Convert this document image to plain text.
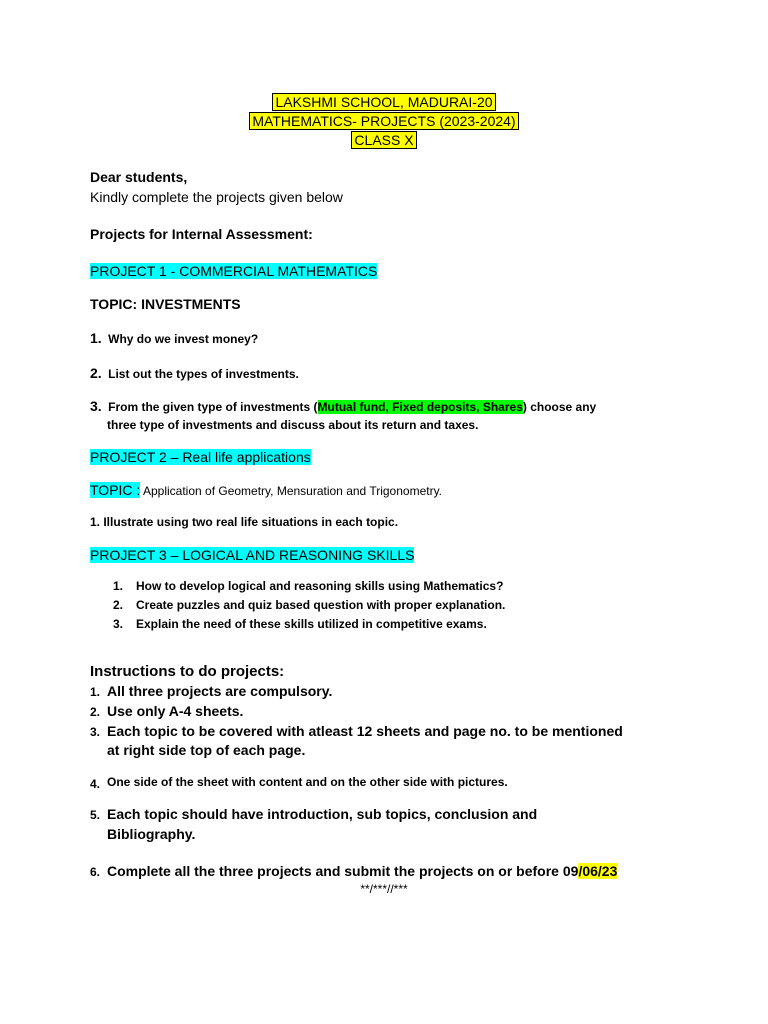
LAKSHMI SCHOOL, MADURAI-20
MATHEMATICS- PROJECTS (2023-2024)
CLASS X
Dear students,
Kindly complete the projects given below
Projects for Internal Assessment:
PROJECT 1 - COMMERCIAL MATHEMATICS
TOPIC: INVESTMENTS
1. Why do we invest money?
2. List out the types of investments.
3. From the given type of investments (Mutual fund, Fixed deposits, Shares) choose any
three type of investments and discuss about its return and taxes.
PROJECT 2 – Real life applications
TOPIC : Application of Geometry, Mensuration and Trigonometry.
1. Illustrate using two real life situations in each topic.
PROJECT 3 – LOGICAL AND REASONING SKILLS
1. How to develop logical and reasoning skills using Mathematics?
2. Create puzzles and quiz based question with proper explanation.
3. Explain the need of these skills utilized in competitive exams.
Instructions to do projects:
1. All three projects are compulsory.
2. Use only A-4 sheets.
3. Each topic to be covered with atleast 12 sheets and page no. to be mentioned
at right side top of each page.
4. One side of the sheet with content and on the other side with pictures.
5. Each topic should have introduction, sub topics, conclusion and
Bibliography.
6. Complete all the three projects and submit the projects on or before 09/06/23
**/***//***
